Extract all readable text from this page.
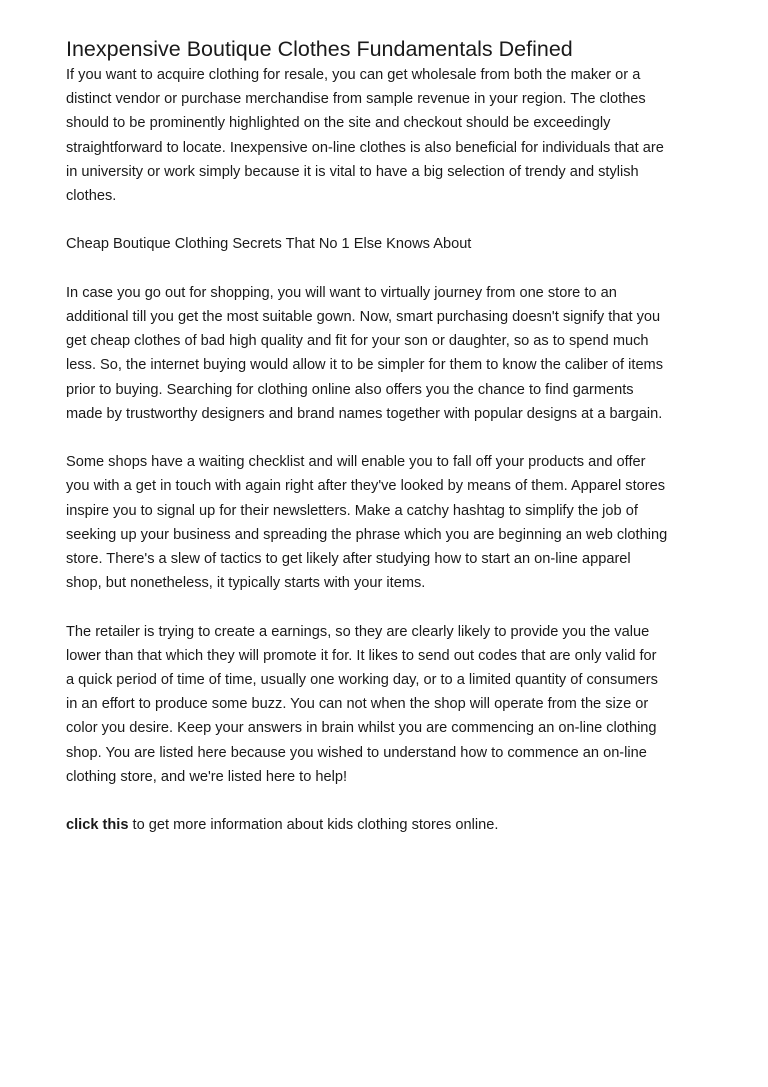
Inexpensive Boutique Clothes Fundamentals Defined

If you want to acquire clothing for resale, you can get wholesale from both the maker or a
distinct vendor or purchase merchandise from sample revenue in your region. The clothes
should to be prominently highlighted on the site and checkout should be exceedingly
straightforward to locate. Inexpensive on-line clothes is also beneficial for individuals that are
in university or work simply because it is vital to have a big selection of trendy and stylish
clothes.

Cheap Boutique Clothing Secrets That No 1 Else Knows About

In case you go out for shopping, you will want to virtually journey from one store to an
additional till you get the most suitable gown. Now, smart purchasing doesn't signify that you
get cheap clothes of bad high quality and fit for your son or daughter, so as to spend much
less. So, the internet buying would allow it to be simpler for them to know the caliber of items
prior to buying. Searching for clothing online also offers you the chance to find garments
made by trustworthy designers and brand names together with popular designs at a bargain.

Some shops have a waiting checklist and will enable you to fall off your products and offer
you with a get in touch with again right after they've looked by means of them. Apparel stores
inspire you to signal up for their newsletters. Make a catchy hashtag to simplify the job of
seeking up your business and spreading the phrase which you are beginning an web clothing
store. There's a slew of tactics to get likely after studying how to start an on-line apparel
shop, but nonetheless, it typically starts with your items.

The retailer is trying to create a earnings, so they are clearly likely to provide you the value
lower than that which they will promote it for. It likes to send out codes that are only valid for
a quick period of time of time, usually one working day, or to a limited quantity of consumers
in an effort to produce some buzz. You can not when the shop will operate from the size or
color you desire. Keep your answers in brain whilst you are commencing an on-line clothing
shop. You are listed here because you wished to understand how to commence an on-line
clothing store, and we're listed here to help!

click this to get more information about kids clothing stores online.
